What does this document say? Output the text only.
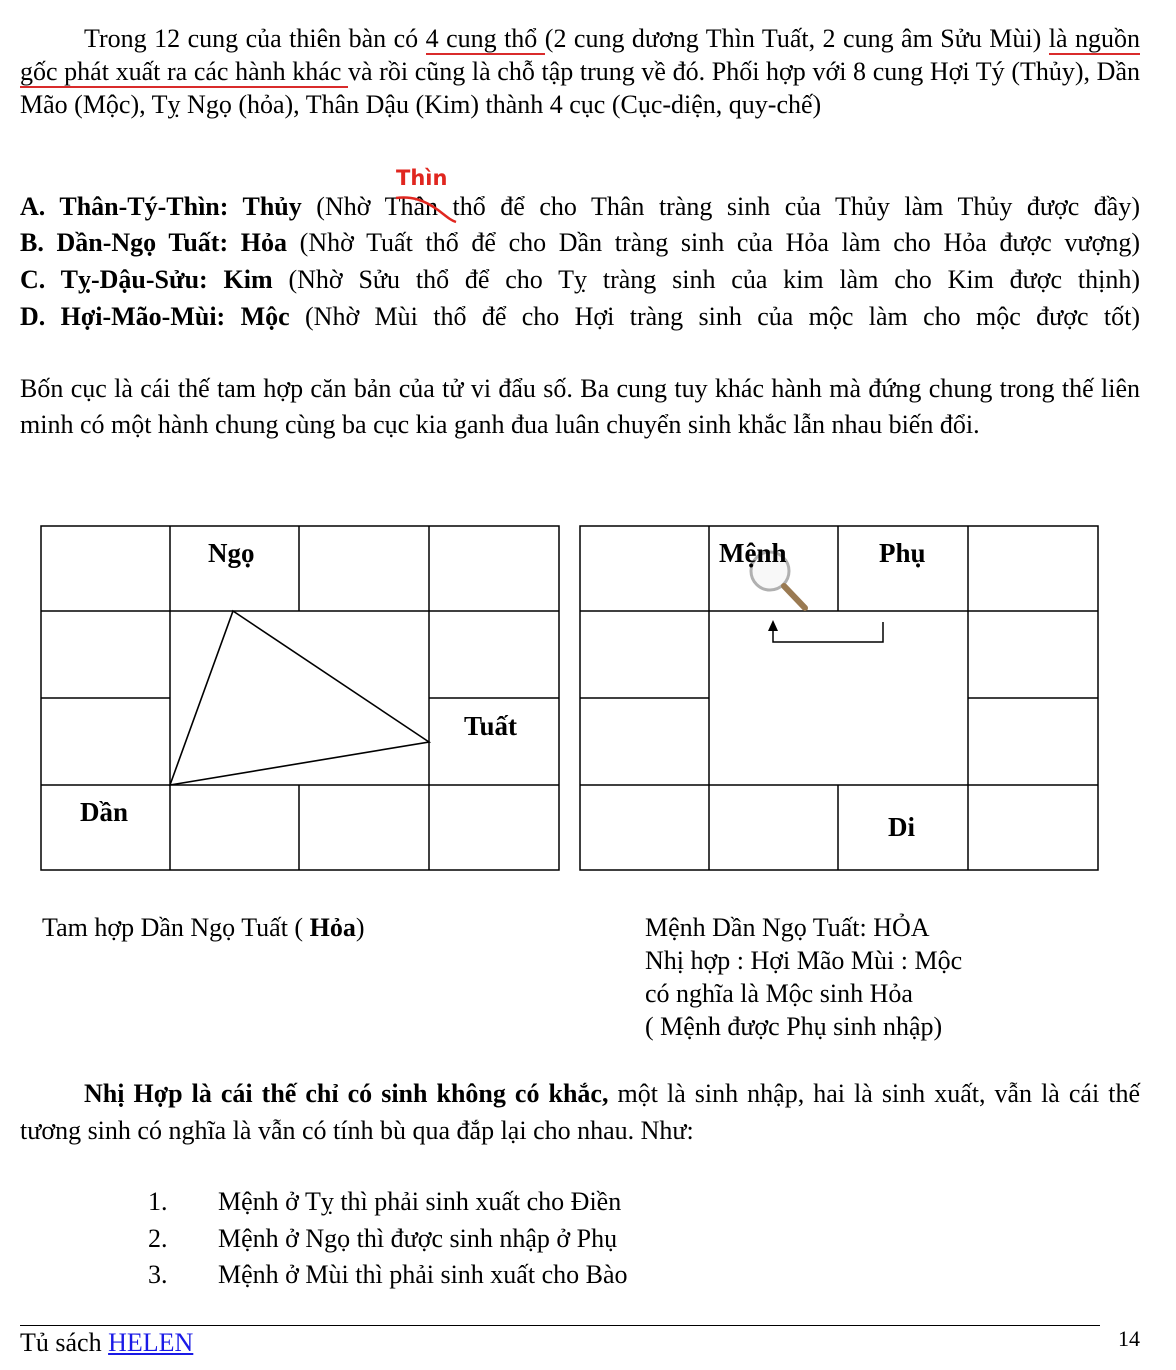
Trong 12 cung của thiên bàn có 4 cung thổ (2 cung dương Thìn Tuất, 2 cung âm Sửu Mùi) là nguồn gốc phát xuất ra các hành khác và rồi cũng là chỗ tập trung về đó. Phối hợp với 8 cung Hợi Tý (Thủy), Dần Mão (Mộc), Tỵ Ngọ (hỏa), Thân Dậu (Kim) thành 4 cục (Cục-diện, quy-chế)

Thìn

A. Thân-Tý-Thìn: Thủy (Nhờ Thân thổ để cho Thân tràng sinh của Thủy làm Thủy được đầy)

B. Dần-Ngọ Tuất: Hỏa (Nhờ Tuất thổ để cho Dần tràng sinh của Hỏa làm cho Hỏa được vượng)

C. Tỵ-Dậu-Sửu: Kim (Nhờ Sửu thổ để cho Tỵ tràng sinh của kim làm cho Kim được thịnh)

D. Hợi-Mão-Mùi: Mộc (Nhờ Mùi thổ để cho Hợi tràng sinh của mộc làm cho mộc được tốt)

Bốn cục là cái thế tam hợp căn bản của tử vi đẩu số. Ba cung tuy khác hành mà đứng chung trong thế liên minh có một hành chung cùng ba cục kia ganh đua luân chuyển sinh khắc lẫn nhau biến đổi.

Ngọ
Tuất
Dần
Mệnh	Phụ
Di
Tam hợp Dần Ngọ Tuất ( Hỏa)	Mệnh Dần Ngọ Tuất: HỎA
Nhị hợp : Hợi Mão Mùi : Mộc
có nghĩa là Mộc sinh Hỏa
( Mệnh được Phụ sinh nhập)

Nhị Hợp là cái thế chỉ có sinh không có khắc, một là sinh nhập, hai là sinh xuất, vẫn là cái thế tương sinh có nghĩa là vẫn có tính bù qua đắp lại cho nhau. Như:

1. Mệnh ở Tỵ thì phải sinh xuất cho Điền
2. Mệnh ở Ngọ thì được sinh nhập ở Phụ
3. Mệnh ở Mùi thì phải sinh xuất cho Bào
Tủ sách HELEN	14
